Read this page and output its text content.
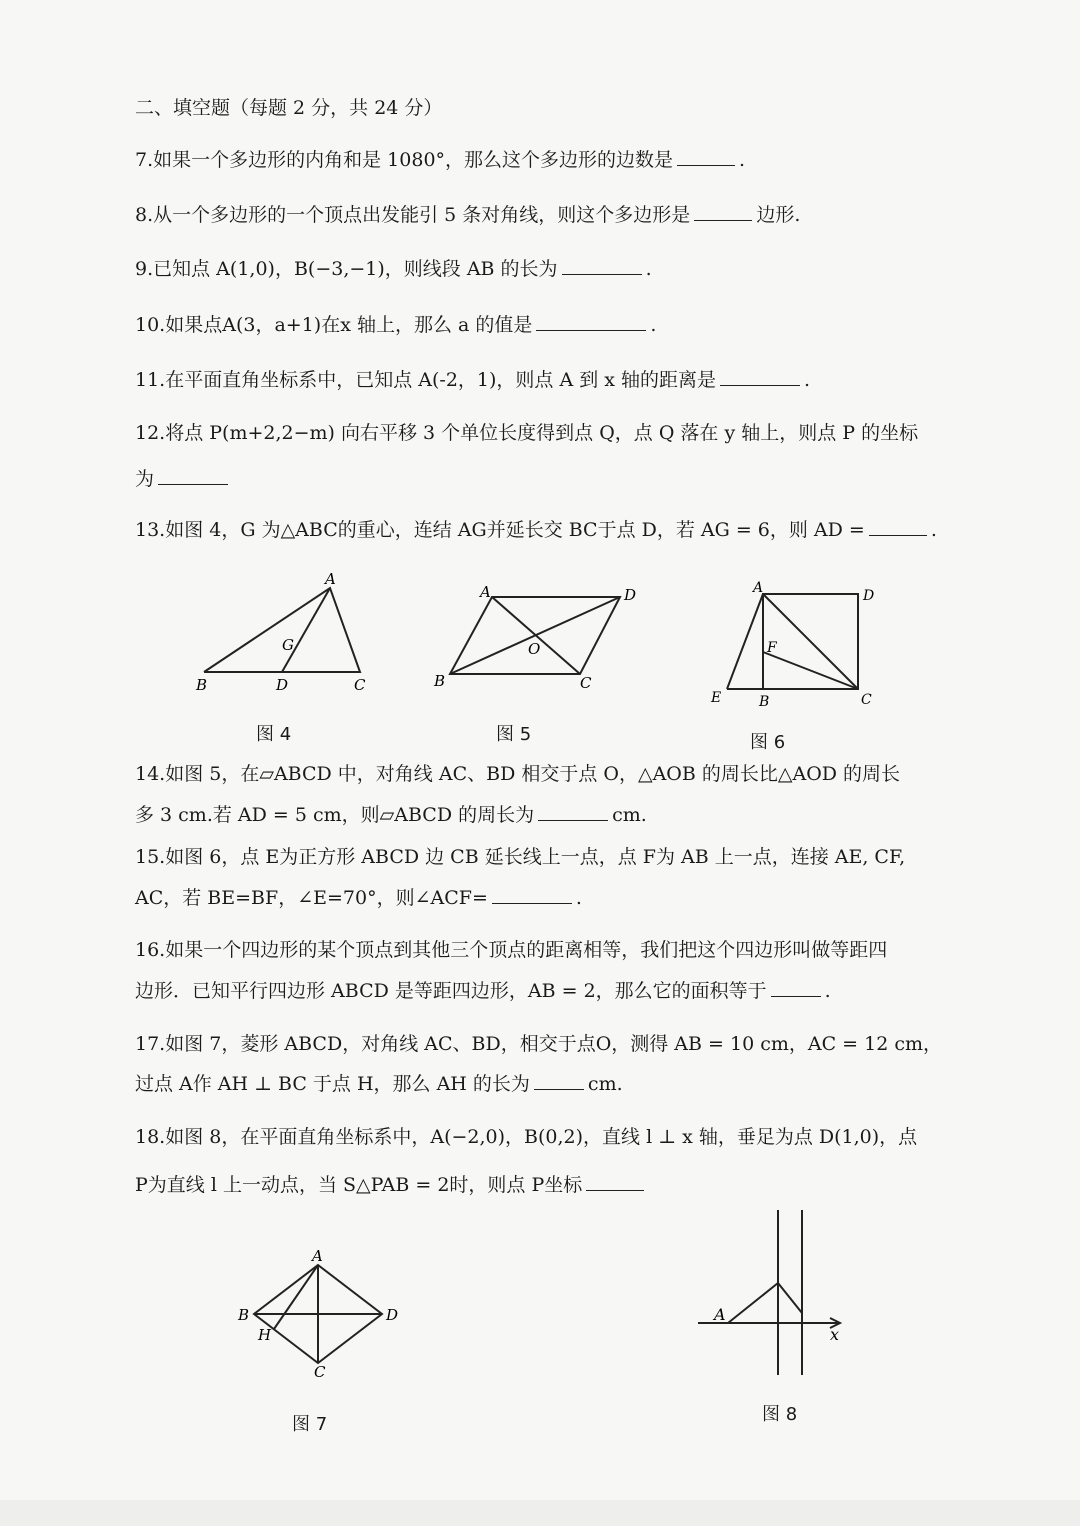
二、填空题（每题 2 分，共 24 分）
7.如果一个多边形的内角和是 1080°，那么这个多边形的边数是	.
8.从一个多边形的一个顶点出发能引 5 条对角线，则这个多边形是	边形.
9.已知点 A(1,0)，B(−3,−1)，则线段 AB 的长为	.
10.如果点A(3，a+1)在x 轴上，那么 a 的值是	.
11.在平面直角坐标系中，已知点 A(-2，1)，则点 A 到 x 轴的距离是	.
12.将点 P(m+2,2−m) 向右平移 3 个单位长度得到点 Q，点 Q 落在 y 轴上，则点 P 的坐标
为
13.如图 4，G 为△ABC的重心，连结 AG并延长交 BC于点 D，若 AG = 6，则 AD =	.
A
B	D	C
G
图 4
A	D
B	C
O
图 5
A	D
F
E	B	C
图 6
14.如图 5，在▱ABCD 中，对角线 AC、BD 相交于点 O，△AOB 的周长比△AOD 的周长
多 3 cm.若 AD = 5 cm，则▱ABCD 的周长为	cm.
15.如图 6，点 E为正方形 ABCD 边 CB 延长线上一点，点 F为 AB 上一点，连接 AE, CF,
AC，若 BE=BF，∠E=70°，则∠ACF=	.
16.如果一个四边形的某个顶点到其他三个顶点的距离相等，我们把这个四边形叫做等距四
边形．已知平行四边形 ABCD 是等距四边形，AB = 2，那么它的面积等于	.
17.如图 7，菱形 ABCD，对角线 AC、BD，相交于点O，测得 AB = 10 cm，AC = 12 cm，
过点 A作 AH ⊥ BC 于点 H，那么 AH 的长为	cm.
18.如图 8，在平面直角坐标系中，A(−2,0)，B(0,2)，直线 l ⊥ x 轴，垂足为点 D(1,0)，点
P为直线 l 上一动点，当 S△PAB = 2时，则点 P坐标
A
B	D
H
C
图 7
A
x
图 8
